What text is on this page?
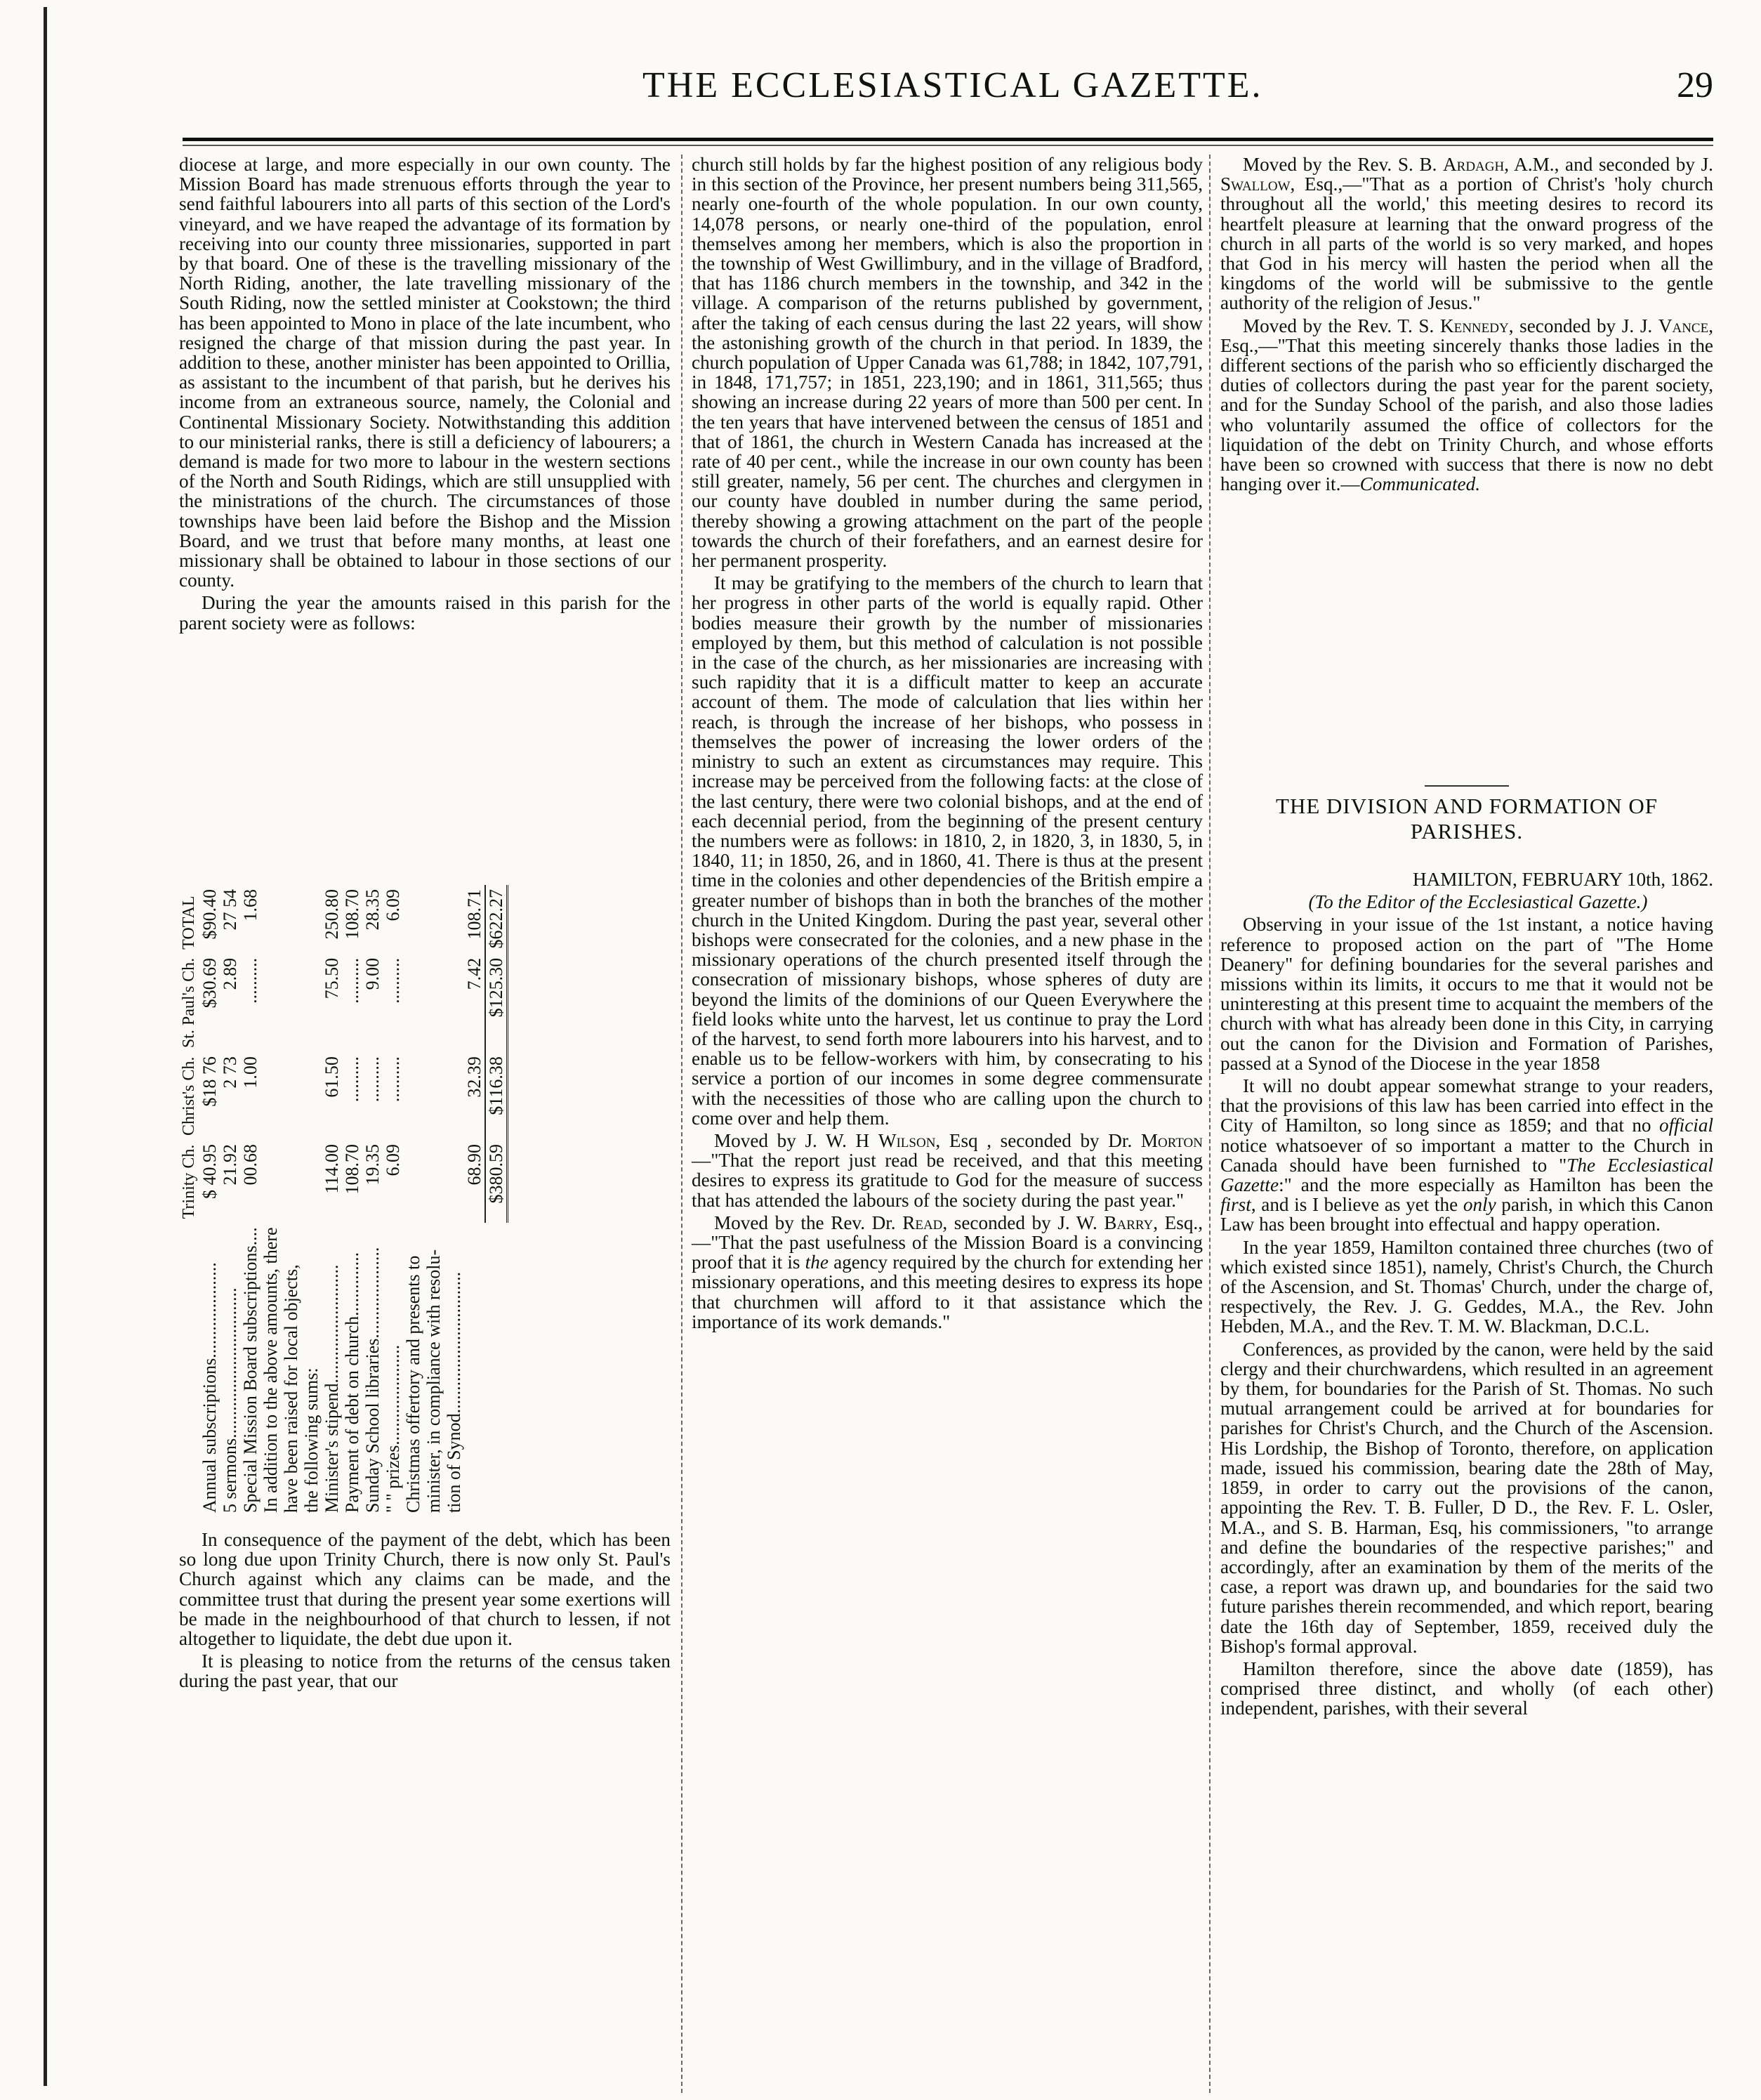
THE ECCLESIASTICAL GAZETTE.	29

diocese at large, and more especially in our own county. The Mission Board has made strenuous efforts through the year to send faithful labourers into all parts of this section of the Lord's vineyard, and we have reaped the advantage of its formation by receiving into our county three missionaries, supported in part by that board. One of these is the travelling missionary of the North Riding, another, the late travelling missionary of the South Riding, now the settled minister at Cookstown; the third has been appointed to Mono in place of the late incumbent, who resigned the charge of that mission during the past year. In addition to these, another minister has been appointed to Orillia, as assistant to the incumbent of that parish, but he derives his income from an extraneous source, namely, the Colonial and Continental Missionary Society. Notwithstanding this addition to our ministerial ranks, there is still a deficiency of labourers; a demand is made for two more to labour in the western sections of the North and South Ridings, which are still unsupplied with the ministrations of the church. The circumstances of those townships have been laid before the Bishop and the Mission Board, and we trust that before many months, at least one missionary shall be obtained to labour in those sections of our county.

During the year the amounts raised in this parish for the parent society were as follows:

	Trinity Ch.	Christ's Ch.	St. Paul's Ch.	TOTAL
Annual subscriptions.....................	$ 40.95	$18 76	$30.69	$90.40
5 sermons.................................	21.92	2 73	2.89	27 54
Special Mission Board subscriptions....	00.68	1.00	..........	1.68
In addition to the above amounts, there				
have been raised for local objects,				
the following sums:				
Minister's stipend..........................	114.00	61.50	75.50	250.80
Payment of debt on church..............	108.70	..........	..........	108.70
Sunday School libraries....................	19.35	..........	9.00	28.35
" " prizes......................	6.09	..........	..........	6.09
Christmas offertory and presents to				
minister, in compliance with resolu-				
tion of Synod...............................				
	68.90	32.39	7.42	108.71
	$380.59	$116.38	$125.30	$622.27

In consequence of the payment of the debt, which has been so long due upon Trinity Church, there is now only St. Paul's Church against which any claims can be made, and the committee trust that during the present year some exertions will be made in the neighbourhood of that church to lessen, if not altogether to liquidate, the debt due upon it.

It is pleasing to notice from the returns of the census taken during the past year, that our

church still holds by far the highest position of any religious body in this section of the Province, her present numbers being 311,565, nearly one-fourth of the whole population. In our own county, 14,078 persons, or nearly one-third of the population, enrol themselves among her members, which is also the proportion in the township of West Gwillimbury, and in the village of Bradford, that has 1186 church members in the township, and 342 in the village. A comparison of the returns published by government, after the taking of each census during the last 22 years, will show the astonishing growth of the church in that period. In 1839, the church population of Upper Canada was 61,788; in 1842, 107,791, in 1848, 171,757; in 1851, 223,190; and in 1861, 311,565; thus showing an increase during 22 years of more than 500 per cent. In the ten years that have intervened between the census of 1851 and that of 1861, the church in Western Canada has increased at the rate of 40 per cent., while the increase in our own county has been still greater, namely, 56 per cent. The churches and clergymen in our county have doubled in number during the same period, thereby showing a growing attachment on the part of the people towards the church of their forefathers, and an earnest desire for her permanent prosperity.

It may be gratifying to the members of the church to learn that her progress in other parts of the world is equally rapid. Other bodies measure their growth by the number of missionaries employed by them, but this method of calculation is not possible in the case of the church, as her missionaries are increasing with such rapidity that it is a difficult matter to keep an accurate account of them. The mode of calculation that lies within her reach, is through the increase of her bishops, who possess in themselves the power of increasing the lower orders of the ministry to such an extent as circumstances may require. This increase may be perceived from the following facts: at the close of the last century, there were two colonial bishops, and at the end of each decennial period, from the beginning of the present century the numbers were as follows: in 1810, 2, in 1820, 3, in 1830, 5, in 1840, 11; in 1850, 26, and in 1860, 41. There is thus at the present time in the colonies and other dependencies of the British empire a greater number of bishops than in both the branches of the mother church in the United Kingdom. During the past year, several other bishops were consecrated for the colonies, and a new phase in the missionary operations of the church presented itself through the consecration of missionary bishops, whose spheres of duty are beyond the limits of the dominions of our Queen Everywhere the field looks white unto the harvest, let us continue to pray the Lord of the harvest, to send forth more labourers into his harvest, and to enable us to be fellow-workers with him, by consecrating to his service a portion of our incomes in some degree commensurate with the necessities of those who are calling upon the church to come over and help them.

Moved by J. W. H Wilson, Esq , seconded by Dr. Morton—"That the report just read be received, and that this meeting desires to express its gratitude to God for the measure of success that has attended the labours of the society during the past year."

Moved by the Rev. Dr. Read, seconded by J. W. Barry, Esq.,—"That the past usefulness of the Mission Board is a convincing proof that it is the agency required by the church for extending her missionary operations, and this meeting desires to express its hope that churchmen will afford to it that assistance which the importance of its work demands."

Moved by the Rev. S. B. Ardagh, A.M., and seconded by J. Swallow, Esq.,—"That as a portion of Christ's 'holy church throughout all the world,' this meeting desires to record its heartfelt pleasure at learning that the onward progress of the church in all parts of the world is so very marked, and hopes that God in his mercy will hasten the period when all the kingdoms of the world will be submissive to the gentle authority of the religion of Jesus."

Moved by the Rev. T. S. Kennedy, seconded by J. J. Vance, Esq.,—"That this meeting sincerely thanks those ladies in the different sections of the parish who so efficiently discharged the duties of collectors during the past year for the parent society, and for the Sunday School of the parish, and also those ladies who voluntarily assumed the office of collectors for the liquidation of the debt on Trinity Church, and whose efforts have been so crowned with success that there is now no debt hanging over it.—Communicated.

THE DIVISION AND FORMATION OF PARISHES.

HAMILTON, FEBRUARY 10th, 1862.

(To the Editor of the Ecclesiastical Gazette.)

Observing in your issue of the 1st instant, a notice having reference to proposed action on the part of "The Home Deanery" for defining boundaries for the several parishes and missions within its limits, it occurs to me that it would not be uninteresting at this present time to acquaint the members of the church with what has already been done in this City, in carrying out the canon for the Division and Formation of Parishes, passed at a Synod of the Diocese in the year 1858

It will no doubt appear somewhat strange to your readers, that the provisions of this law has been carried into effect in the City of Hamilton, so long since as 1859; and that no official notice whatsoever of so important a matter to the Church in Canada should have been furnished to "The Ecclesiastical Gazette:" and the more especially as Hamilton has been the first, and is I believe as yet the only parish, in which this Canon Law has been brought into effectual and happy operation.

In the year 1859, Hamilton contained three churches (two of which existed since 1851), namely, Christ's Church, the Church of the Ascension, and St. Thomas' Church, under the charge of, respectively, the Rev. J. G. Geddes, M.A., the Rev. John Hebden, M.A., and the Rev. T. M. W. Blackman, D.C.L.

Conferences, as provided by the canon, were held by the said clergy and their churchwardens, which resulted in an agreement by them, for boundaries for the Parish of St. Thomas. No such mutual arrangement could be arrived at for boundaries for parishes for Christ's Church, and the Church of the Ascension. His Lordship, the Bishop of Toronto, therefore, on application made, issued his commission, bearing date the 28th of May, 1859, in order to carry out the provisions of the canon, appointing the Rev. T. B. Fuller, D D., the Rev. F. L. Osler, M.A., and S. B. Harman, Esq, his commissioners, "to arrange and define the boundaries of the respective parishes;" and accordingly, after an examination by them of the merits of the case, a report was drawn up, and boundaries for the said two future parishes therein recommended, and which report, bearing date the 16th day of September, 1859, received duly the Bishop's formal approval.

Hamilton therefore, since the above date (1859), has comprised three distinct, and wholly (of each other) independent, parishes, with their several
